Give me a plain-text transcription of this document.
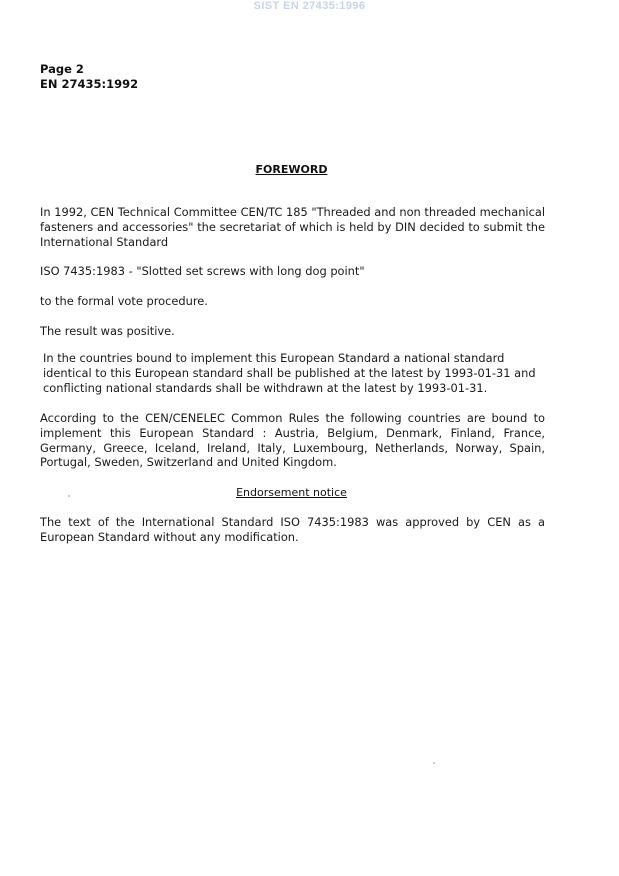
SIST EN 27435:1996
Page 2
EN 27435:1992
FOREWORD
In 1992, CEN Technical Committee CEN/TC 185 "Threaded and non threaded mechanical fasteners and accessories" the secretariat of which is held by DIN decided to submit the International Standard
ISO 7435:1983 - "Slotted set screws with long dog point"
to the formal vote procedure.
The result was positive.
In the countries bound to implement this European Standard a national standard identical to this European standard shall be published at the latest by 1993-01-31 and conflicting national standards shall be withdrawn at the latest by 1993-01-31.
According to the CEN/CENELEC Common Rules the following countries are bound to implement this European Standard : Austria, Belgium, Denmark, Finland, France, Germany, Greece, Iceland, Ireland, Italy, Luxembourg, Netherlands, Norway, Spain, Portugal, Sweden, Switzerland and United Kingdom.
Endorsement notice
The text of the International Standard ISO 7435:1983 was approved by CEN as a European Standard without any modification.
